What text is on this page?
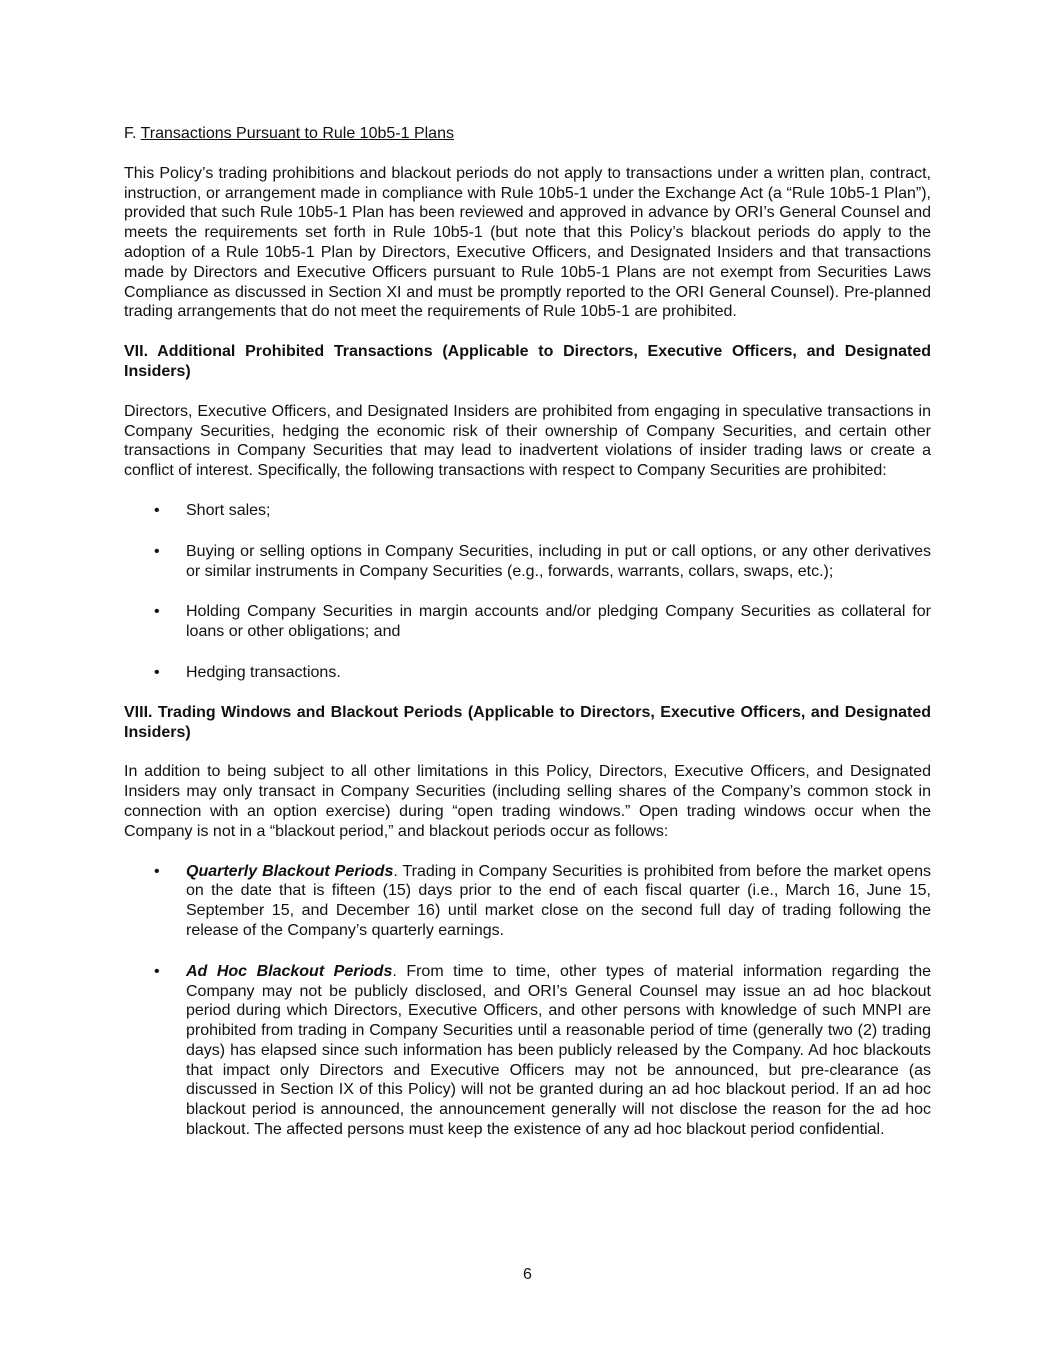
F. Transactions Pursuant to Rule 10b5-1 Plans

This Policy’s trading prohibitions and blackout periods do not apply to transactions under a written plan, contract, instruction, or arrangement made in compliance with Rule 10b5-1 under the Exchange Act (a “Rule 10b5-1 Plan”), provided that such Rule 10b5-1 Plan has been reviewed and approved in advance by ORI’s General Counsel and meets the requirements set forth in Rule 10b5-1 (but note that this Policy’s blackout periods do apply to the adoption of a Rule 10b5-1 Plan by Directors, Executive Officers, and Designated Insiders and that transactions made by Directors and Executive Officers pursuant to Rule 10b5-1 Plans are not exempt from Securities Laws Compliance as discussed in Section XI and must be promptly reported to the ORI General Counsel). Pre-planned trading arrangements that do not meet the requirements of Rule 10b5-1 are prohibited.

VII. Additional Prohibited Transactions (Applicable to Directors, Executive Officers, and Designated Insiders)

Directors, Executive Officers, and Designated Insiders are prohibited from engaging in speculative transactions in Company Securities, hedging the economic risk of their ownership of Company Securities, and certain other transactions in Company Securities that may lead to inadvertent violations of insider trading laws or create a conflict of interest. Specifically, the following transactions with respect to Company Securities are prohibited:

• Short sales;
• Buying or selling options in Company Securities, including in put or call options, or any other derivatives or similar instruments in Company Securities (e.g., forwards, warrants, collars, swaps, etc.);
• Holding Company Securities in margin accounts and/or pledging Company Securities as collateral for loans or other obligations; and
• Hedging transactions.

VIII. Trading Windows and Blackout Periods (Applicable to Directors, Executive Officers, and Designated Insiders)

In addition to being subject to all other limitations in this Policy, Directors, Executive Officers, and Designated Insiders may only transact in Company Securities (including selling shares of the Company’s common stock in connection with an option exercise) during “open trading windows.” Open trading windows occur when the Company is not in a “blackout period,” and blackout periods occur as follows:

• Quarterly Blackout Periods. Trading in Company Securities is prohibited from before the market opens on the date that is fifteen (15) days prior to the end of each fiscal quarter (i.e., March 16, June 15, September 15, and December 16) until market close on the second full day of trading following the release of the Company’s quarterly earnings.
• Ad Hoc Blackout Periods. From time to time, other types of material information regarding the Company may not be publicly disclosed, and ORI’s General Counsel may issue an ad hoc blackout period during which Directors, Executive Officers, and other persons with knowledge of such MNPI are prohibited from trading in Company Securities until a reasonable period of time (generally two (2) trading days) has elapsed since such information has been publicly released by the Company. Ad hoc blackouts that impact only Directors and Executive Officers may not be announced, but pre-clearance (as discussed in Section IX of this Policy) will not be granted during an ad hoc blackout period. If an ad hoc blackout period is announced, the announcement generally will not disclose the reason for the ad hoc blackout. The affected persons must keep the existence of any ad hoc blackout period confidential.
6
